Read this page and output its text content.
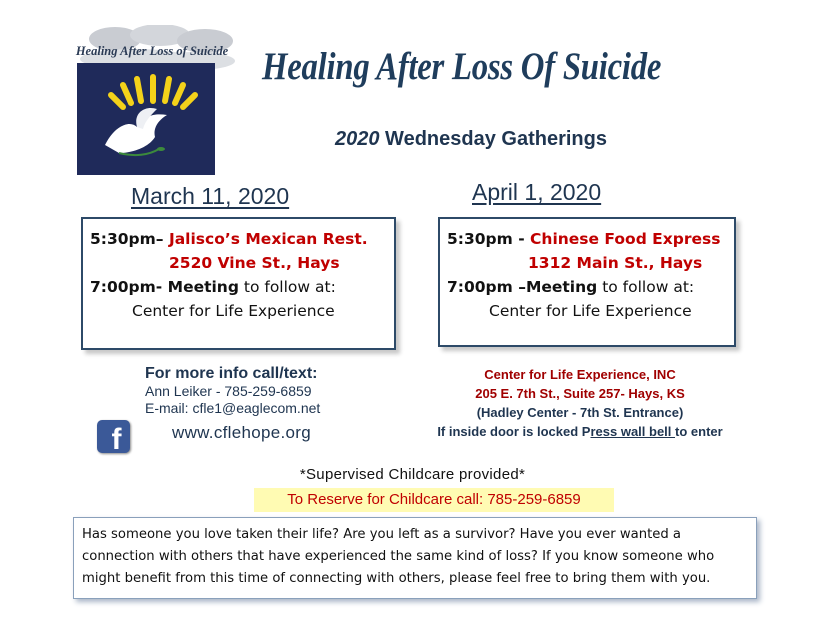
Healing After Loss of Suicide Healing After Loss Of Suicide
2020 Wednesday Gatherings
March 11, 2020	April 1, 2020
5:30pm– Jalisco’s Mexican Rest.
2520 Vine St., Hays
7:00pm- Meeting to follow at:
Center for Life Experience
5:30pm - Chinese Food Express
1312 Main St., Hays
7:00pm –Meeting to follow at:
Center for Life Experience
For more info call/text:
Ann Leiker - 785-259-6859
E-mail: cfle1@eaglecom.net
f	www.cflehope.org
Center for Life Experience, INC
205 E. 7th St., Suite 257- Hays, KS
(Hadley Center - 7th St. Entrance)
If inside door is locked Press wall bell to enter
*Supervised Childcare provided*
To Reserve for Childcare call: 785-259-6859
Has someone you love taken their life? Are you left as a survivor? Have you ever wanted a connection with others that have experienced the same kind of loss? If you know someone who might benefit from this time of connecting with others, please feel free to bring them with you.
